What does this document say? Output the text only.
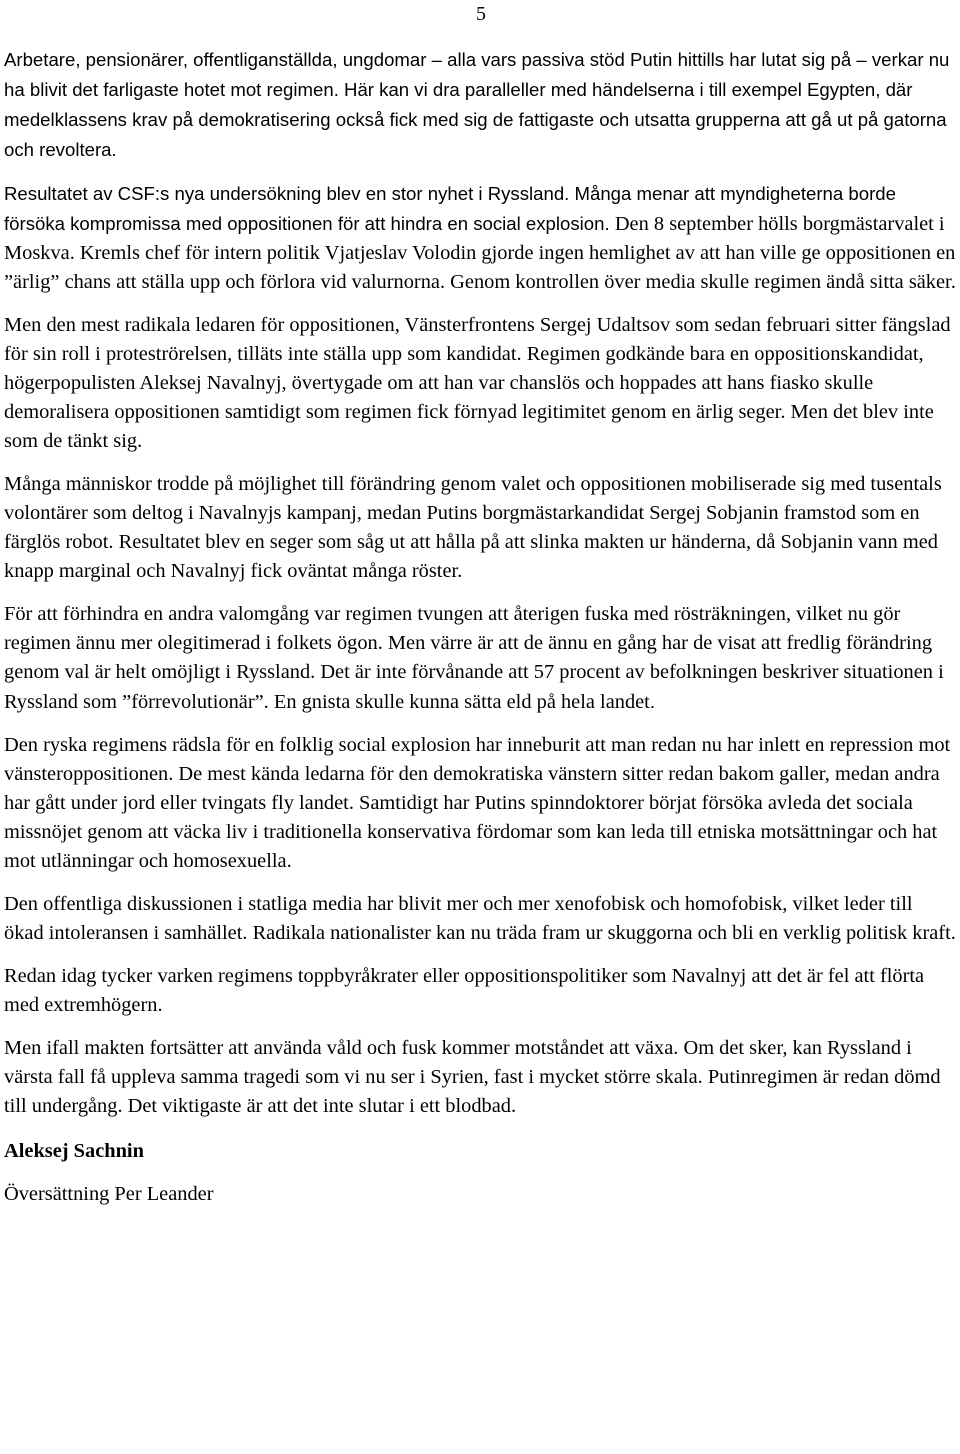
5

Arbetare, pensionärer, offentliganställda, ungdomar – alla vars passiva stöd Putin hittills har lutat sig på – verkar nu ha blivit det farligaste hotet mot regimen. Här kan vi dra paralleller med händelserna i till exempel Egypten, där medelklassens krav på demokratisering också fick med sig de fattigaste och utsatta grupperna att gå ut på gatorna och revoltera.

Resultatet av CSF:s nya undersökning blev en stor nyhet i Ryssland. Många menar att myndigheterna borde försöka kompromissa med oppositionen för att hindra en social explosion. Den 8 september hölls borgmästarvalet i Moskva. Kremls chef för intern politik Vjatjeslav Volodin gjorde ingen hemlighet av att han ville ge oppositionen en ”ärlig” chans att ställa upp och förlora vid valurnorna. Genom kontrollen över media skulle regimen ändå sitta säker.

Men den mest radikala ledaren för oppositionen, Vänsterfrontens Sergej Udaltsov som sedan februari sitter fängslad för sin roll i proteströrelsen, tilläts inte ställa upp som kandidat. Regimen godkände bara en oppositionskandidat, högerpopulisten Aleksej Navalnyj, övertygade om att han var chanslös och hoppades att hans fiasko skulle demoralisera oppositionen samtidigt som regimen fick förnyad legitimitet genom en ärlig seger. Men det blev inte som de tänkt sig.

Många människor trodde på möjlighet till förändring genom valet och oppositionen mobiliserade sig med tusentals volontärer som deltog i Navalnyjs kampanj, medan Putins borgmästarkandidat Sergej Sobjanin framstod som en färglös robot. Resultatet blev en seger som såg ut att hålla på att slinka makten ur händerna, då Sobjanin vann med knapp marginal och Navalnyj fick oväntat många röster.

För att förhindra en andra valomgång var regimen tvungen att återigen fuska med rösträkningen, vilket nu gör regimen ännu mer olegitimerad i folkets ögon. Men värre är att de ännu en gång har de visat att fredlig förändring genom val är helt omöjligt i Ryssland. Det är inte förvånande att 57 procent av befolkningen beskriver situationen i Ryssland som ”förrevolutionär”. En gnista skulle kunna sätta eld på hela landet.

Den ryska regimens rädsla för en folklig social explosion har inneburit att man redan nu har inlett en repression mot vänsteroppositionen. De mest kända ledarna för den demokratiska vänstern sitter redan bakom galler, medan andra har gått under jord eller tvingats fly landet. Samtidigt har Putins spinndoktorer börjat försöka avleda det sociala missnöjet genom att väcka liv i traditionella konservativa fördomar som kan leda till etniska motsättningar och hat mot utlänningar och homosexuella.

Den offentliga diskussionen i statliga media har blivit mer och mer xenofobisk och homofobisk, vilket leder till ökad intoleransen i samhället. Radikala nationalister kan nu träda fram ur skuggorna och bli en verklig politisk kraft.

Redan idag tycker varken regimens toppbyråkrater eller oppositionspolitiker som Navalnyj att det är fel att flörta med extremhögern.

Men ifall makten fortsätter att använda våld och fusk kommer motståndet att växa. Om det sker, kan Ryssland i värsta fall få uppleva samma tragedi som vi nu ser i Syrien, fast i mycket större skala. Putinregimen är redan dömd till undergång. Det viktigaste är att det inte slutar i ett blodbad.

Aleksej Sachnin

Översättning Per Leander
